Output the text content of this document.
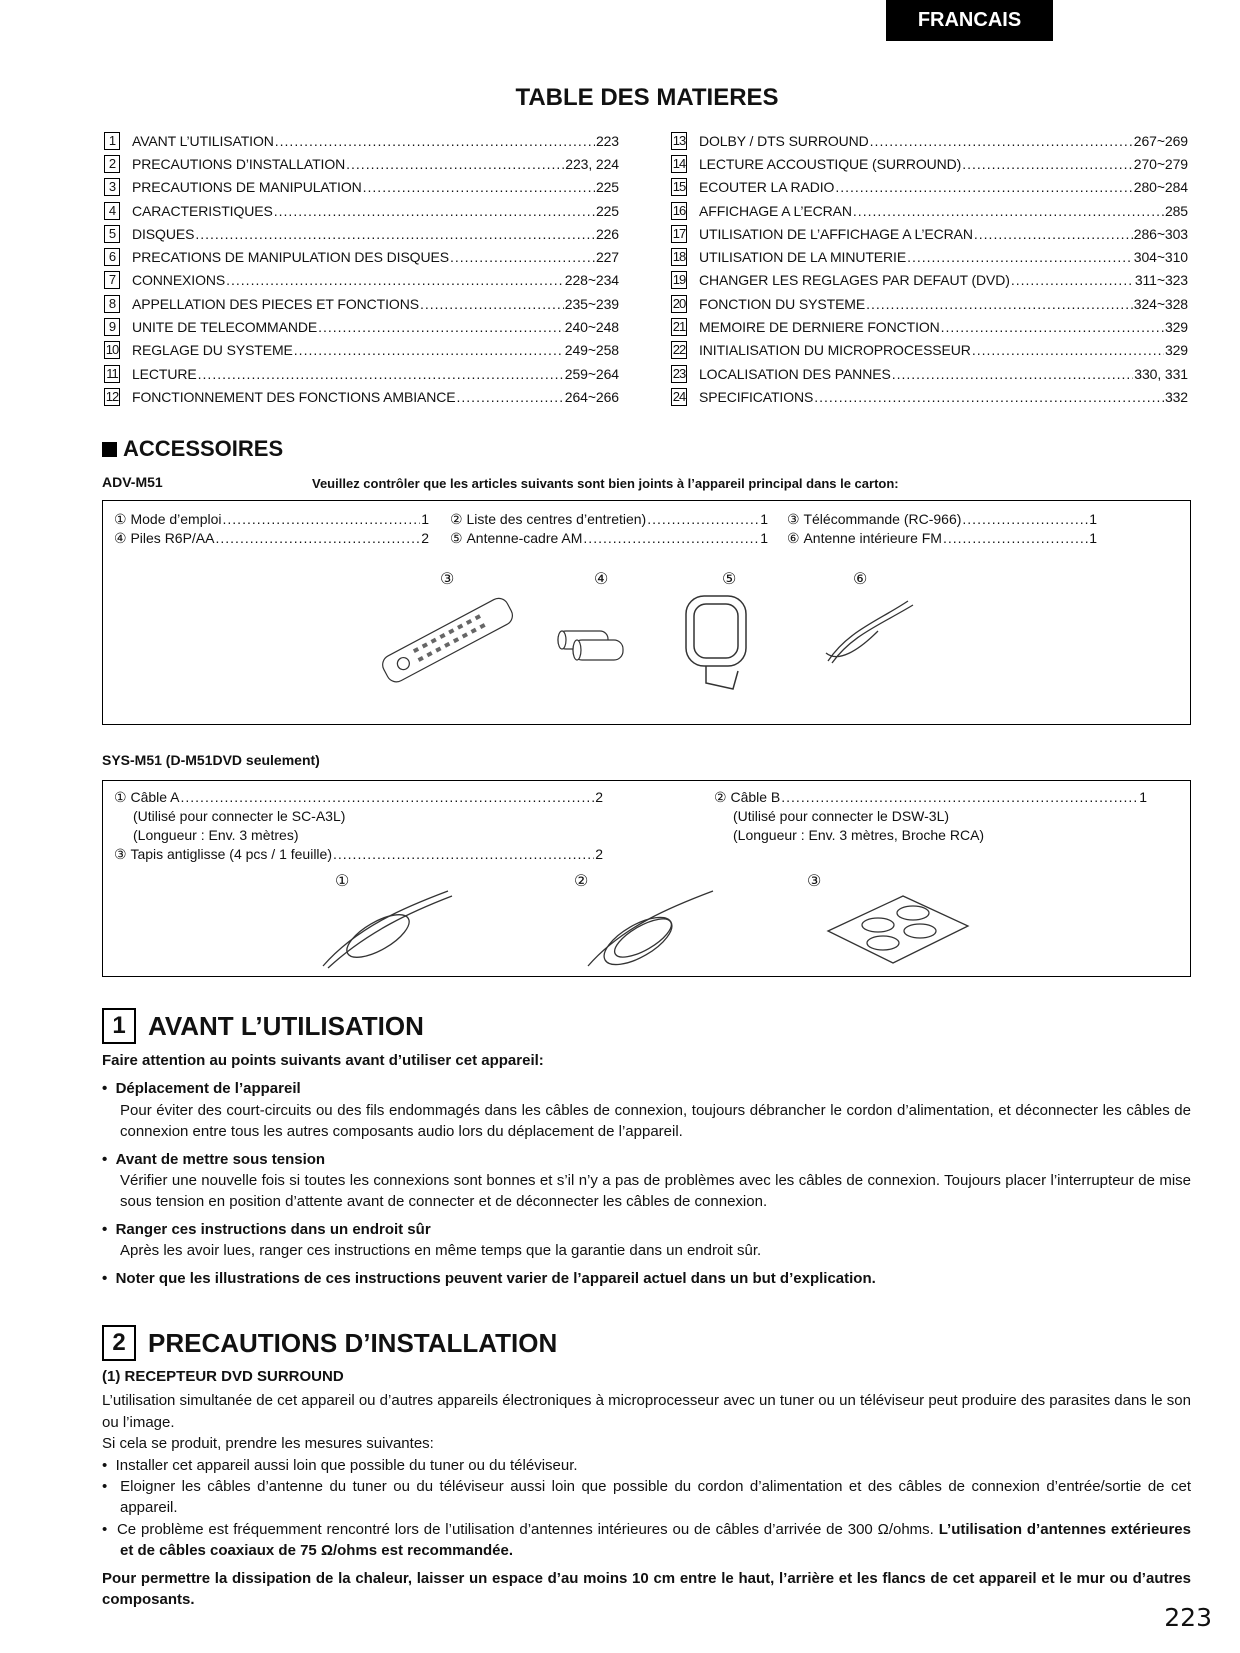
FRANCAIS
TABLE DES MATIERES
1	AVANT L’UTILISATION .....	223
2	PRECAUTIONS D’INSTALLATION .....	223, 224
3	PRECAUTIONS DE MANIPULATION .....	225
4	CARACTERISTIQUES .....	225
5	DISQUES .....	226
6	PRECATIONS DE MANIPULATION DES DISQUES .....	227
7	CONNEXIONS .....	228~234
8	APPELLATION DES PIECES ET FONCTIONS .....	235~239
9	UNITE DE TELECOMMANDE .....	240~248
10 REGLAGE DU SYSTEME .....	249~258
11 LECTURE .....	259~264
12 FONCTIONNEMENT DES FONCTIONS AMBIANCE .....	264~266
13 DOLBY / DTS SURROUND .....	267~269
14 LECTURE ACCOUSTIQUE (SURROUND) .....	270~279
15 ECOUTER LA RADIO .....	280~284
16 AFFICHAGE A L’ECRAN .....	285
17 UTILISATION DE L’AFFICHAGE A L’ECRAN .....	286~303
18 UTILISATION DE LA MINUTERIE .....	304~310
19 CHANGER LES REGLAGES PAR DEFAUT (DVD) .....	311~323
20 FONCTION DU SYSTEME .....	324~328
21 MEMOIRE DE DERNIERE FONCTION .....	329
22 INITIALISATION DU MICROPROCESSEUR .....	329
23 LOCALISATION DES PANNES .....	330, 331
24 SPECIFICATIONS .....	332
ACCESSOIRES
ADV-M51	Veuillez contrôler que les articles suivants sont bien joints à l’appareil principal dans le carton:
①
Mode d’emploi .....	1 ②
Liste des centres d’entretien) .....	1 ③
Télécommande (RC-966) .....	1
④
Piles R6P/AA .....	2 ⑤
Antenne-cadre AM .....	1 ⑥
Antenne intérieure FM .....	1
③	④	⑤	⑥
SYS-M51 (D-M51DVD seulement)
①
Câble A .....	2
(Utilisé pour connecter le SC-A3L)
(Longueur : Env. 3 mètres)
②
Câble B .....	1
(Utilisé pour connecter le DSW-3L)
(Longueur : Env. 3 mètres, Broche RCA)
③
Tapis antiglisse (4 pcs / 1 feuille) .....	2
①	②	③
1 AVANT L’UTILISATION
Faire attention au points suivants avant d’utiliser cet appareil:
•  Déplacement de l’appareil
Pour éviter des court-circuits ou des fils endommagés dans les câbles de connexion, toujours débrancher le cordon d’alimentation, et déconnecter les câbles de connexion entre tous les autres composants audio lors du déplacement de l’appareil.
•  Avant de mettre sous tension
Vérifier une nouvelle fois si toutes les connexions sont bonnes et s’il n’y a pas de problèmes avec les câbles de connexion. Toujours placer l’interrupteur de mise sous tension en position d’attente avant de connecter et de déconnecter les câbles de connexion.
•  Ranger ces instructions dans un endroit sûr
Après les avoir lues, ranger ces instructions en même temps que la garantie dans un endroit sûr.
•  Noter que les illustrations de ces instructions peuvent varier de l’appareil actuel dans un but d’explication.
2 PRECAUTIONS D’INSTALLATION
(1) RECEPTEUR DVD SURROUND
L’utilisation simultanée de cet appareil ou d’autres appareils électroniques à microprocesseur avec un tuner ou un téléviseur peut produire des parasites dans le son ou l’image.
Si cela se produit, prendre les mesures suivantes:
•  Installer cet appareil aussi loin que possible du tuner ou du téléviseur.
•  Eloigner les câbles d’antenne du tuner ou du téléviseur aussi loin que possible du cordon d’alimentation et des câbles de connexion d’entrée/sortie de cet appareil.
•  Ce problème est fréquemment rencontré lors de l’utilisation d’antennes intérieures ou de câbles d’arrivée de 300 Ω/ohms. L’utilisation d’antennes extérieures et de câbles coaxiaux de 75 Ω/ohms est recommandée.
Pour permettre la dissipation de la chaleur, laisser un espace d’au moins 10 cm entre le haut, l’arrière et les flancs de cet appareil et le mur ou d’autres composants.
223
